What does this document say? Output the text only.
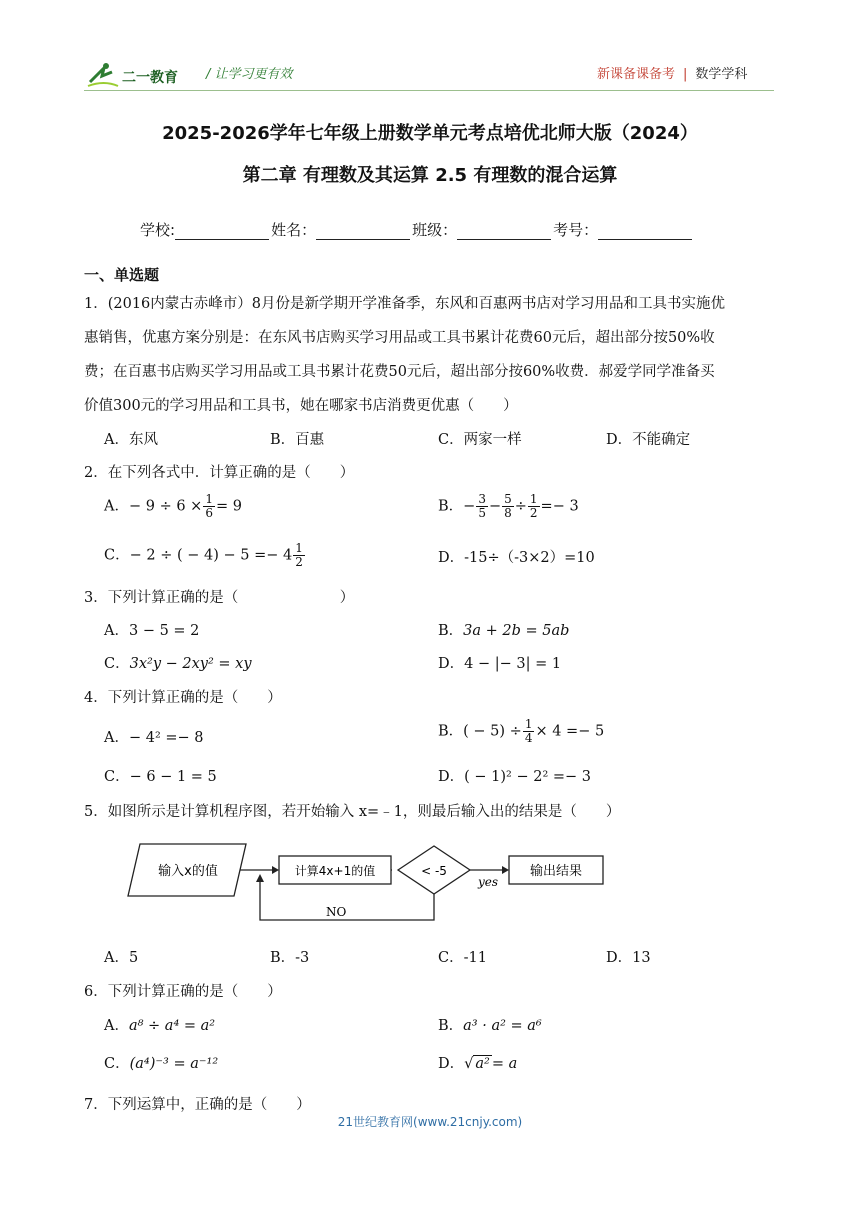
二一教育 / 让学习更有效	新课备课备考 | 数学学科
2025-2026学年七年级上册数学单元考点培优北师大版（2024）
第二章 有理数及其运算 2.5 有理数的混合运算
学校:	姓名：	班级：	考号：
一、单选题
1．(2016内蒙古赤峰市）8月份是新学期开学准备季，东风和百惠两书店对学习用品和工具书实施优
惠销售，优惠方案分别是：在东风书店购买学习用品或工具书累计花费60元后，超出部分按50%收
费；在百惠书店购买学习用品或工具书累计花费50元后，超出部分按60%收费．郝爱学同学准备买
价值300元的学习用品和工具书，她在哪家书店消费更优惠（　　）
A．东风	B．百惠	C．两家一样	D．不能确定
2．在下列各式中．计算正确的是（　　）
A．− $9 \div 6 \times \frac{1}{6} = 9$	B．− $\frac{3}{5} - \frac{5}{8} \div \frac{1}{2} =- 3$
C．− 2 ÷ ( − $4) - 5 =- 4 \frac{1}{2}$	D．-15÷（-3×2）=10
3．下列计算正确的是（　　　　　　　）
A．3 − 5 = 2	B．3a + 2b = 5ab
C．3x²y − 2xy² = xy	D．4 − |− 3| = 1
4．下列计算正确的是（　　）
A．− 4² =− 8	B．( − $5) \div \frac{1}{4} \times 4 =- 5$
C．− 6 − 1 = 5	D．( − 1)² − 2² =− 3
5．如图所示是计算机程序图，若开始输入 x=﹣1，则最后输入出的结果是（　　）
输入x的值	计算4x+1的值	< -5
yes
输出结果
NO
A．5	B．-3	C．-11	D．13
6．下列计算正确的是（　　）
A．a⁸ ÷ a⁴ = a²	B．a³ · a² = a⁶
C．(a⁴)⁻³ = a⁻¹²	D．√ a² = a
7．下列运算中，正确的是（　　）
21世纪教育网(www.21cnjy.com)
